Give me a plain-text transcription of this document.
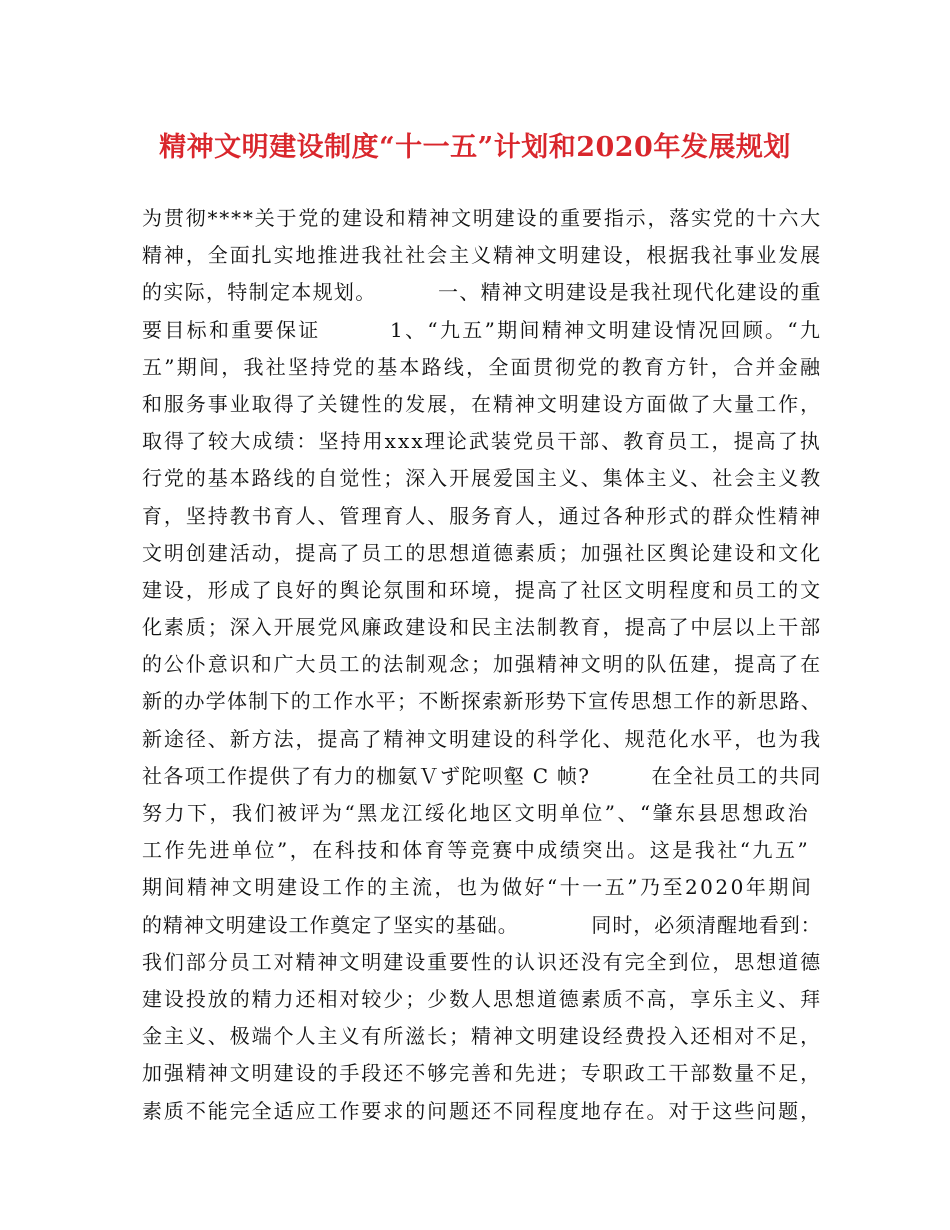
精神文明建设制度“十一五”计划和2020年发展规划
为贯彻****关于党的建设和精神文明建设的重要指示，落实党的十六大
精神，全面扎实地推进我社社会主义精神文明建设，根据我社事业发展
的实际，特制定本规划。        一、精神文明建设是我社现代化建设的重
要目标和重要保证        1、“九五”期间精神文明建设情况回顾。“九
五”期间，我社坚持党的基本路线，全面贯彻党的教育方针，合并金融
和服务事业取得了关键性的发展，在精神文明建设方面做了大量工作，
取得了较大成绩：坚持用xxx理论武装党员干部、教育员工，提高了执
行党的基本路线的自觉性；深入开展爱国主义、集体主义、社会主义教
育，坚持教书育人、管理育人、服务育人，通过各种形式的群众性精神
文明创建活动，提高了员工的思想道德素质；加强社区舆论建设和文化
建设，形成了良好的舆论氛围和环境，提高了社区文明程度和员工的文
化素质；深入开展党风廉政建设和民主法制教育，提高了中层以上干部
的公仆意识和广大员工的法制观念；加强精神文明的队伍建，提高了在
新的办学体制下的工作水平；不断探索新形势下宣传思想工作的新思路、
新途径、新方法，提高了精神文明建设的科学化、规范化水平，也为我
社各项工作提供了有力的枷氨Ｖず陀呗壑 C 帧?        在全社员工的共同
努力下，我们被评为“黑龙江绥化地区文明单位”、“肇东县思想政治
工作先进单位”，在科技和体育等竞赛中成绩突出。这是我社“九五”
期间精神文明建设工作的主流，也为做好“十一五”乃至2020年期间
的精神文明建设工作奠定了坚实的基础。          同时，必须清醒地看到：
我们部分员工对精神文明建设重要性的认识还没有完全到位，思想道德
建设投放的精力还相对较少；少数人思想道德素质不高，享乐主义、拜
金主义、极端个人主义有所滋长；精神文明建设经费投入还相对不足，
加强精神文明建设的手段还不够完善和先进；专职政工干部数量不足，
素质不能完全适应工作要求的问题还不同程度地存在。对于这些问题，
